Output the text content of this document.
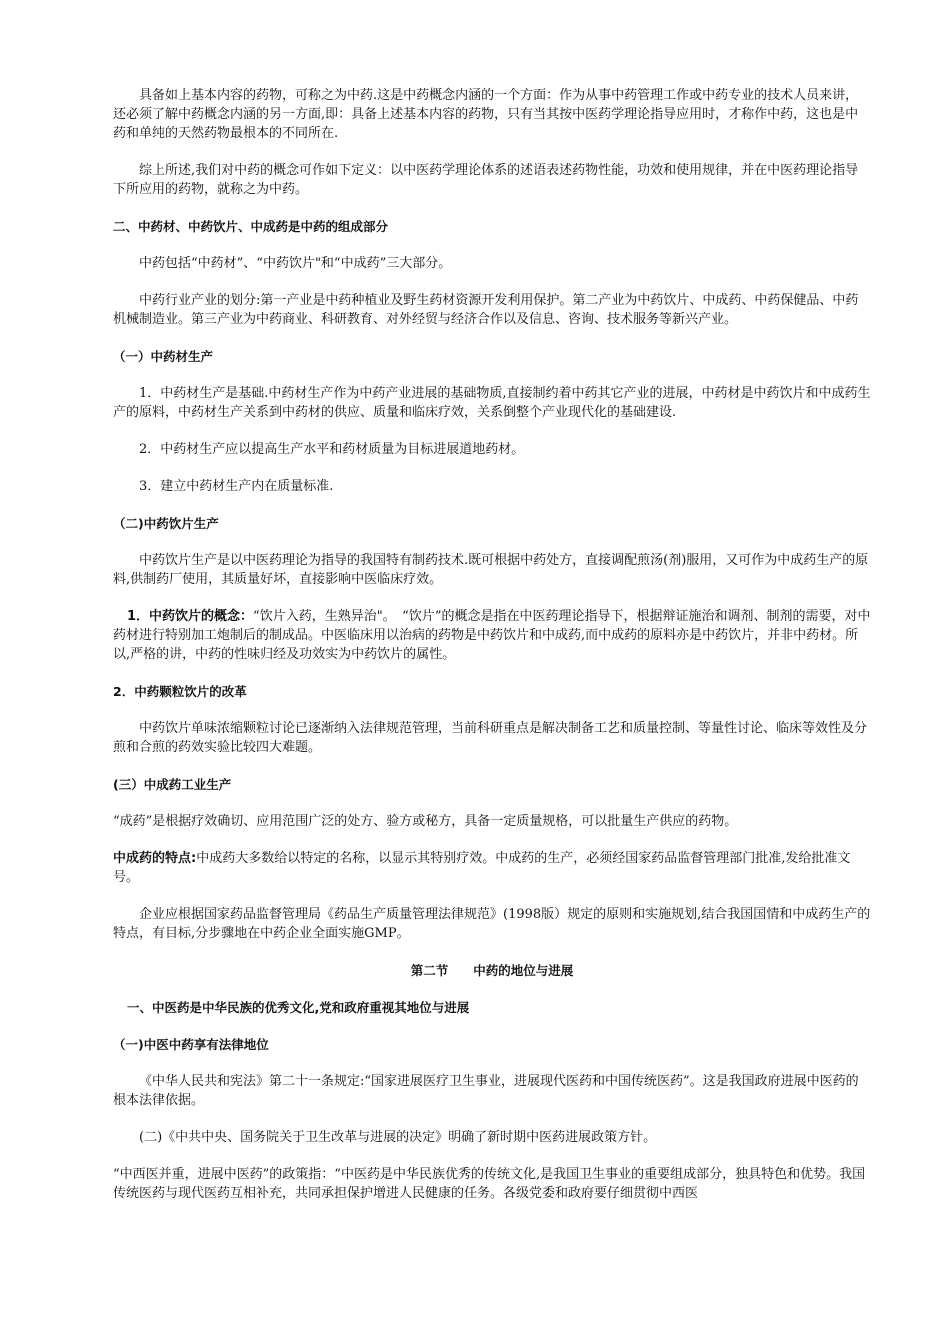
具备如上基本内容的药物，可称之为中药.这是中药概念内涵的一个方面：作为从事中药管理工作或中药专业的技术人员来讲，还必须了解中药概念内涵的另一方面,即：具备上述基本内容的药物，只有当其按中医药学理论指导应用时，才称作中药，这也是中药和单纯的天然药物最根本的不同所在.

综上所述,我们对中药的概念可作如下定义：以中医药学理论体系的述语表述药物性能，功效和使用规律，并在中医药理论指导下所应用的药物，就称之为中药。

二、中药材、中药饮片、中成药是中药的组成部分

中药包括“中药材”、“中药饮片"和“中成药”三大部分。

中药行业产业的划分:第一产业是中药种植业及野生药材资源开发利用保护。第二产业为中药饮片、中成药、中药保健品、中药机械制造业。第三产业为中药商业、科研教育、对外经贸与经济合作以及信息、咨询、技术服务等新兴产业。

（一）中药材生产

1．中药材生产是基础.中药材生产作为中药产业进展的基础物质,直接制约着中药其它产业的进展，中药材是中药饮片和中成药生产的原料，中药材生产关系到中药材的供应、质量和临床疗效，关系倒整个产业现代化的基础建设.

2．中药材生产应以提高生产水平和药材质量为目标进展道地药材。

3．建立中药材生产内在质量标准.

（二)中药饮片生产

中药饮片生产是以中医药理论为指导的我国特有制药技术.既可根据中药处方，直接调配煎汤(剂)服用，又可作为中成药生产的原料,供制药厂使用，其质量好坏，直接影响中医临床疗效。

1．中药饮片的概念：“饮片入药，生熟异治"。　“饮片”的概念是指在中医药理论指导下，根据辩证施治和调剂、制剂的需要，对中药材进行特别加工炮制后的制成品。中医临床用以治病的药物是中药饮片和中成药,而中成药的原料亦是中药饮片，并非中药材。所以,严格的讲，中药的性味归经及功效实为中药饮片的属性。

2．中药颗粒饮片的改革

中药饮片单味浓缩颗粒讨论已逐渐纳入法律规范管理，当前科研重点是解决制备工艺和质量控制、等量性讨论、临床等效性及分煎和合煎的药效实验比较四大难题。

(三）中成药工业生产

“成药”是根据疗效确切、应用范围广泛的处方、验方或秘方，具备一定质量规格，可以批量生产供应的药物。

中成药的特点:中成药大多数给以特定的名称，以显示其特别疗效。中成药的生产，必须经国家药品监督管理部门批准,发给批准文号。

企业应根据国家药品监督管理局《药品生产质量管理法律规范》(1998版）规定的原则和实施规划,结合我国国情和中成药生产的特点，有目标,分步骤地在中药企业全面实施GMP。

第二节　　中药的地位与进展

一、中医药是中华民族的优秀文化,党和政府重视其地位与进展

（一)中医中药享有法律地位

《中华人民共和宪法》第二十一条规定:“国家进展医疗卫生事业，进展现代医药和中国传统医药”。这是我国政府进展中医药的根本法律依据。

(二)《中共中央、国务院关于卫生改革与进展的决定》明确了新时期中医药进展政策方针。

“中西医并重，进展中医药”的政策指：“中医药是中华民族优秀的传统文化,是我国卫生事业的重要组成部分，独具特色和优势。我国传统医药与现代医药互相补充，共同承担保护增进人民健康的任务。各级党委和政府要仔细贯彻中西医
